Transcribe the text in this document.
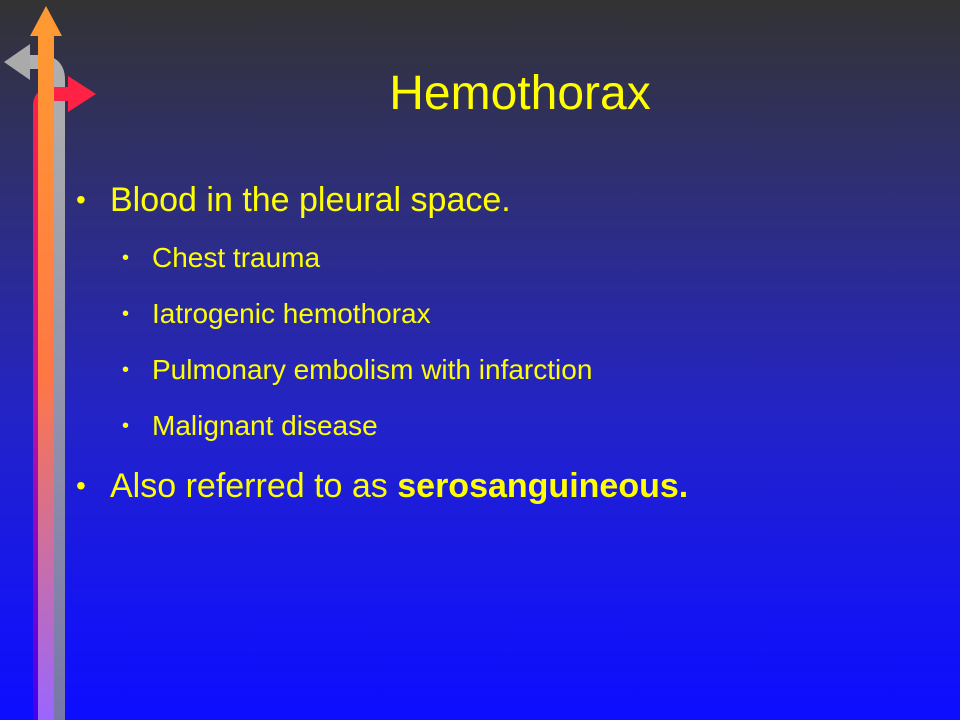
Hemothorax
• Blood in the pleural space.
• Chest trauma
• Iatrogenic hemothorax
• Pulmonary embolism with infarction
• Malignant disease
• Also referred to as serosanguineous.
